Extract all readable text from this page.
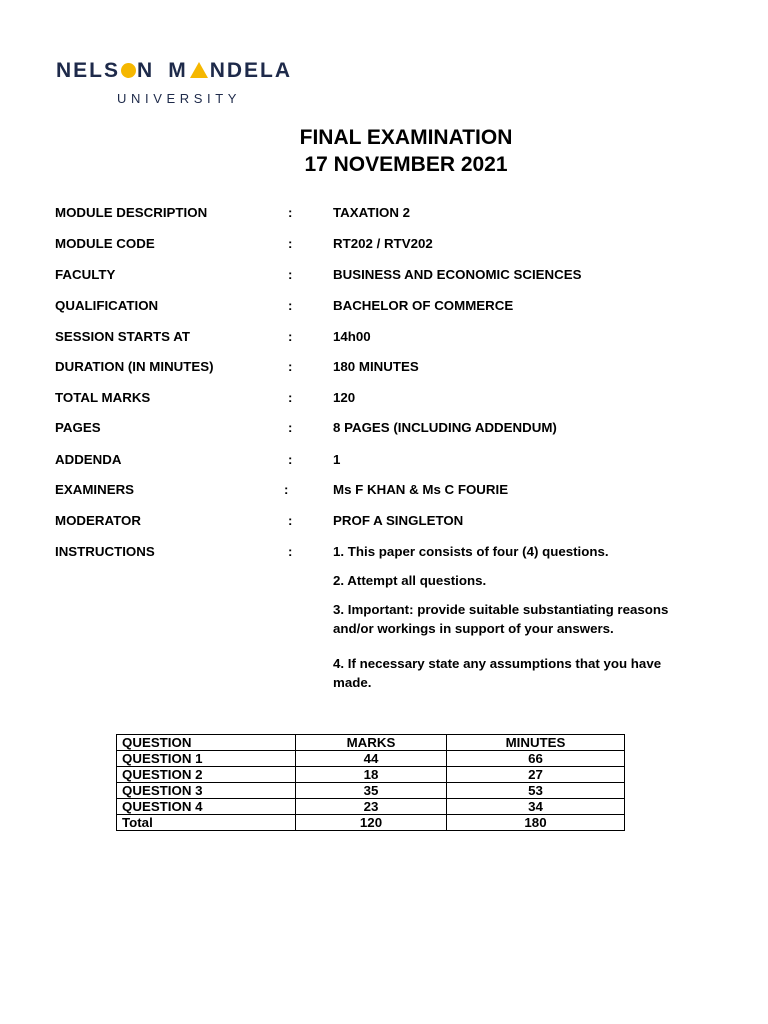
NELS N M NDELA
UNIVERSITY
FINAL EXAMINATION
17 NOVEMBER 2021
MODULE DESCRIPTION	:	TAXATION 2
MODULE CODE	:	RT202 / RTV202
FACULTY	:	BUSINESS AND ECONOMIC SCIENCES
QUALIFICATION	:	BACHELOR OF COMMERCE
SESSION STARTS AT	:	14h00
DURATION (IN MINUTES)	:	180 MINUTES
TOTAL MARKS	:	120
PAGES	:	8 PAGES (INCLUDING ADDENDUM)
ADDENDA	:	1
EXAMINERS	:	Ms F KHAN & Ms C FOURIE
MODERATOR	:	PROF A SINGLETON
INSTRUCTIONS	:	1. This paper consists of four (4) questions.
2. Attempt all questions.
3. Important: provide suitable substantiating reasons and/or workings in support of your answers.
4. If necessary state any assumptions that you have made.
QUESTION	MARKS	MINUTES
QUESTION 1	44	66
QUESTION 2	18	27
QUESTION 3	35	53
QUESTION 4	23	34
Total	120	180
